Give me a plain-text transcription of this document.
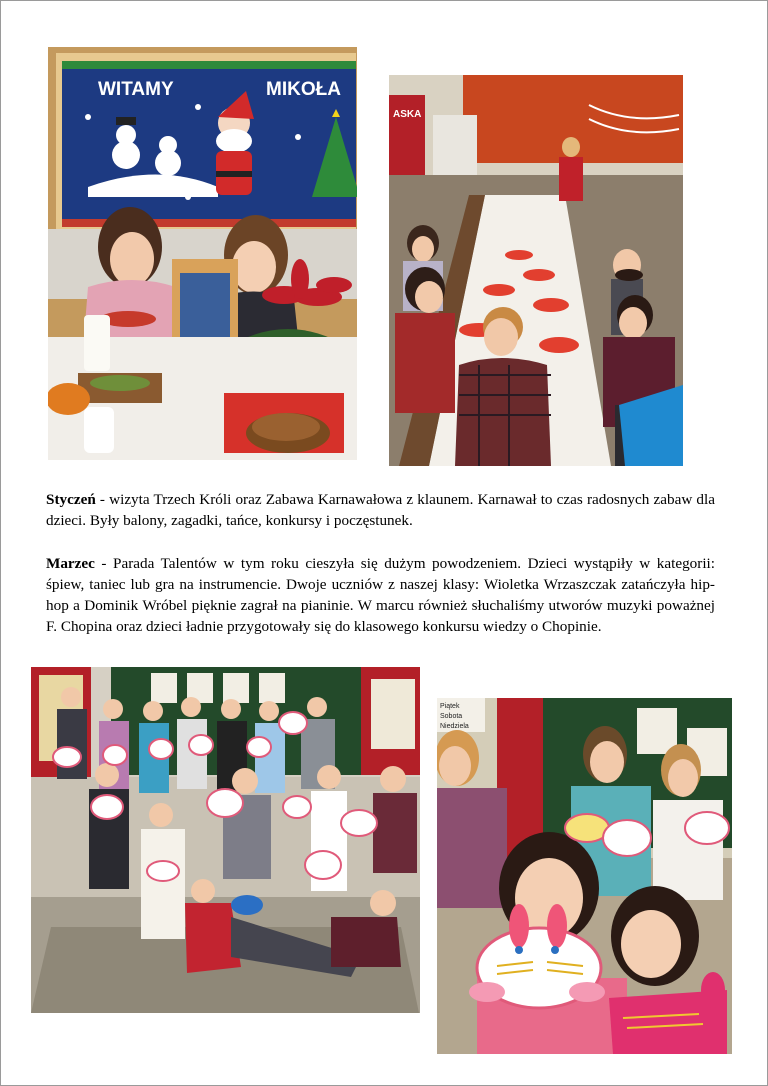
WITAMY	MIKOŁA
ASKA
Styczeń - wizyta Trzech Króli oraz Zabawa Karnawałowa z klaunem. Karnawał to czas radosnych zabaw dla dzieci. Były balony, zagadki, tańce, konkursy i poczęstunek.
Marzec - Parada Talentów w tym roku cieszyła się dużym powodzeniem. Dzieci wystąpiły w kategorii: śpiew, taniec lub gra na instrumencie. Dwoje uczniów z naszej klasy: Wioletka Wrzaszczak zatańczyła hip-hop a Dominik Wróbel pięknie zagrał na pianinie. W marcu również słuchaliśmy utworów muzyki poważnej F. Chopina oraz dzieci ładnie przygotowały się do klasowego konkursu wiedzy o Chopinie.
Piątek
Sobota
Niedziela
